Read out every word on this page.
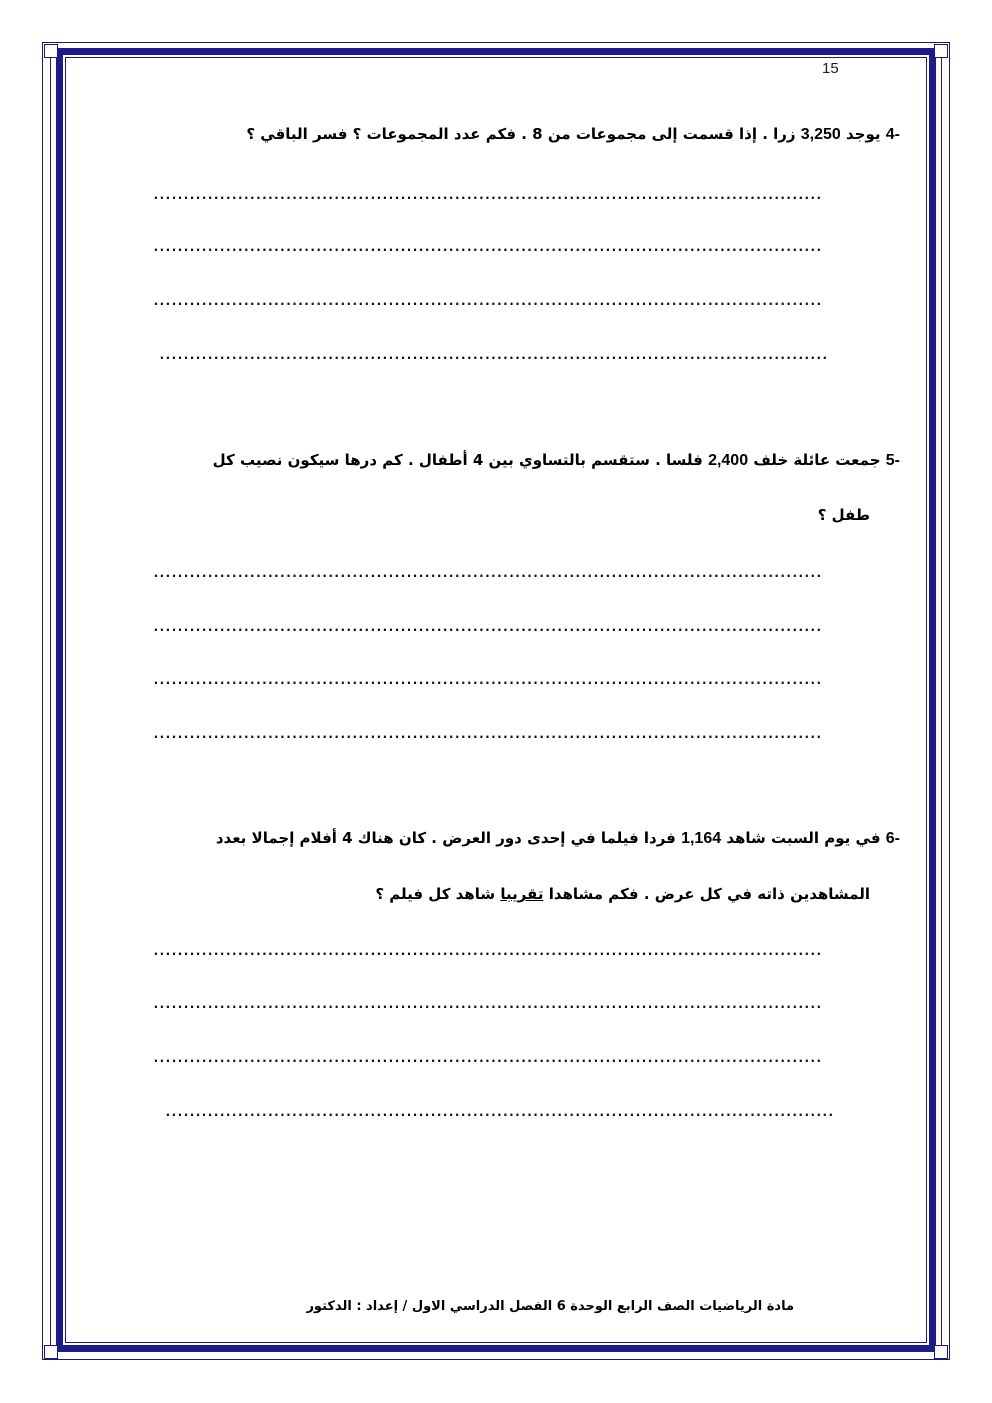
15
-4 يوجد 3,250 زرا . إذا قسمت إلى مجموعات من 8 . فكم عدد المجموعات ؟ فسر الباقي ؟
...............................................................................................................
...............................................................................................................
...............................................................................................................
...............................................................................................................
-5 جمعت عائلة خلف 2,400 فلسا . ستقسم بالتساوي بين 4 أطفال . كم درها سيكون نصيب كل
طفل ؟
...............................................................................................................
...............................................................................................................
...............................................................................................................
...............................................................................................................
-6 في يوم السبت شاهد 1,164 فردا فيلما في إحدى دور العرض . كان هناك 4 أفلام إجمالا بعدد
المشاهدين ذاته في كل عرض . فكم مشاهدا تقريبا شاهد كل فيلم ؟
...............................................................................................................
...............................................................................................................
...............................................................................................................
...............................................................................................................
مادة الرياضيات الصف الرابع الوحدة 6 الفصل الدراسي الاول / إعداد : الدكتور
